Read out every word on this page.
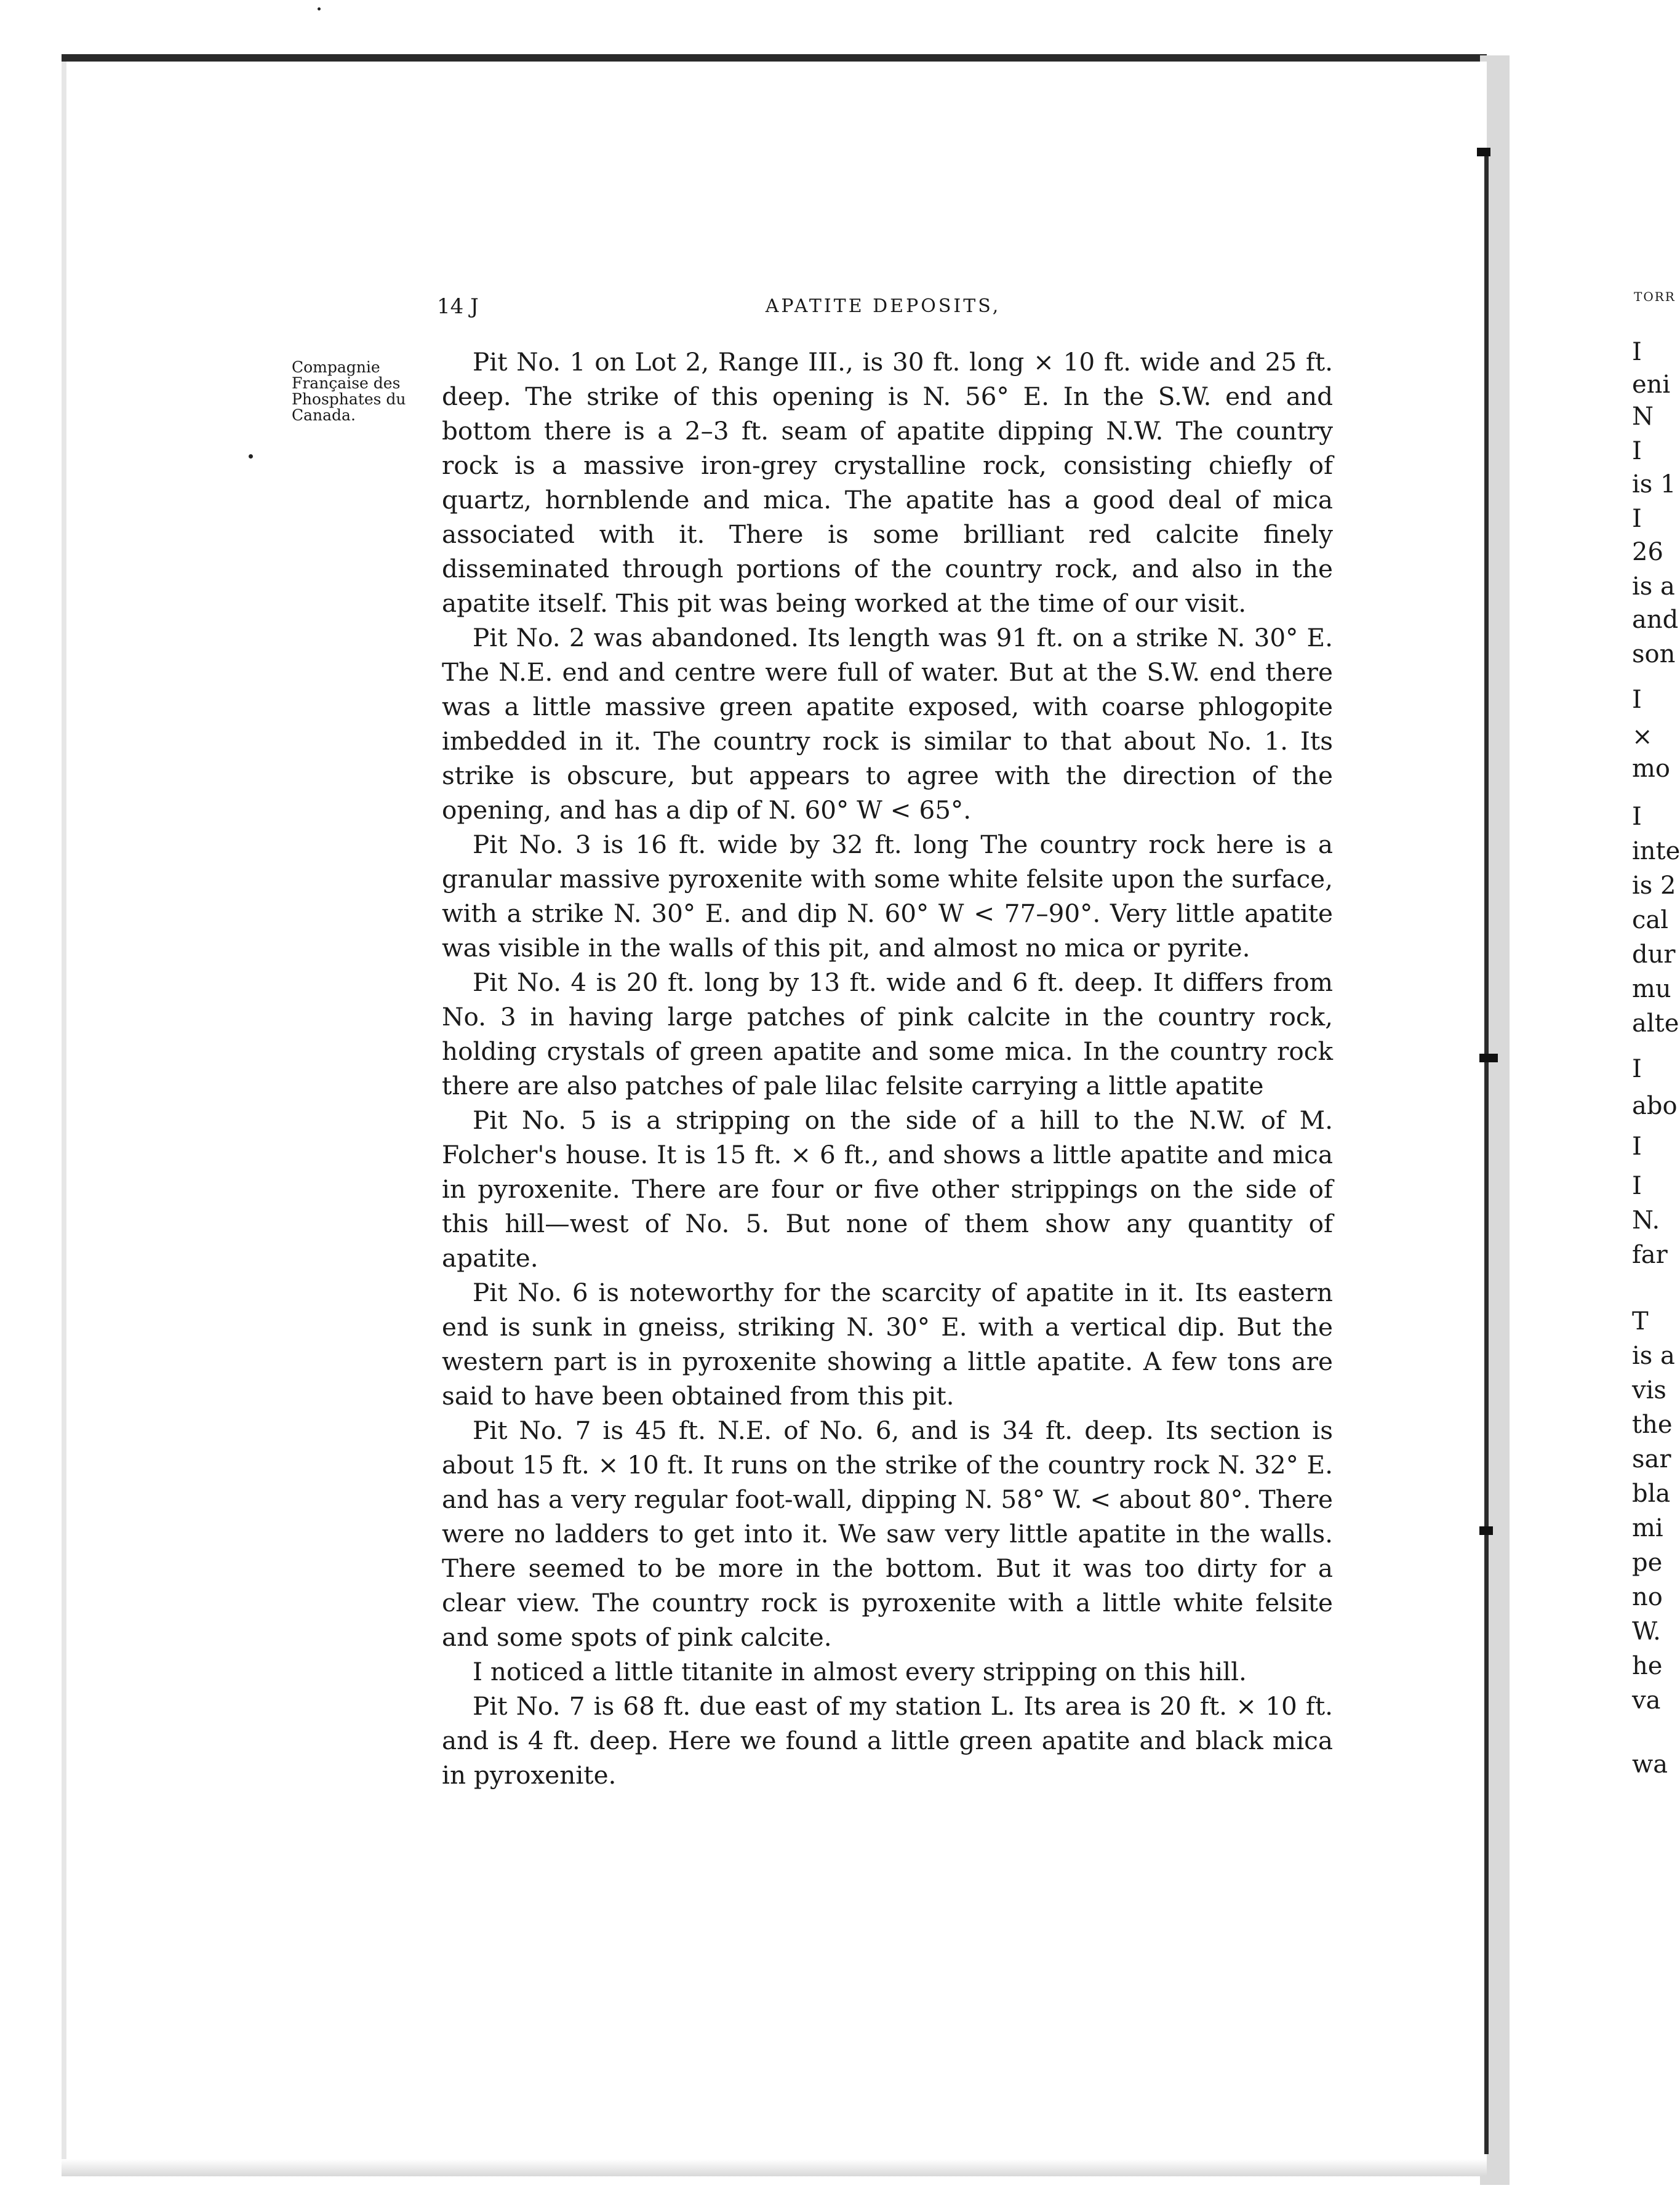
TORR
I
eni
N
I
is 1
I
26
is a
and
son
I
×
mo
I
inte
is 2
cal
dur
mu
alte
I
abo
I
I
N.
far
T
is a
vis
the
sar
bla
mi
pe
no
W.
he
va
wa
14 J	APATITE DEPOSITS,
Compagnie
Française des
Phosphates du
Canada.

Pit No. 1 on Lot 2, Range III., is 30 ft. long × 10 ft. wide and 25 ft. deep. The strike of this opening is N. 56° E. In the S.W. end and bottom there is a 2–3 ft. seam of apatite dipping N.W. The country rock is a massive iron-grey crystalline rock, consisting chiefly of quartz, hornblende and mica. The apatite has a good deal of mica associated with it. There is some brilliant red calcite finely disseminated through portions of the country rock, and also in the apatite itself. This pit was being worked at the time of our visit.

Pit No. 2 was abandoned. Its length was 91 ft. on a strike N. 30° E. The N.E. end and centre were full of water. But at the S.W. end there was a little massive green apatite exposed, with coarse phlogopite imbedded in it. The country rock is similar to that about No. 1. Its strike is obscure, but appears to agree with the direction of the opening, and has a dip of N. 60° W < 65°.

Pit No. 3 is 16 ft. wide by 32 ft. long The country rock here is a granular massive pyroxenite with some white felsite upon the surface, with a strike N. 30° E. and dip N. 60° W < 77–90°. Very little apatite was visible in the walls of this pit, and almost no mica or pyrite.

Pit No. 4 is 20 ft. long by 13 ft. wide and 6 ft. deep. It differs from No. 3 in having large patches of pink calcite in the country rock, holding crystals of green apatite and some mica. In the country rock there are also patches of pale lilac felsite carrying a little apatite

Pit No. 5 is a stripping on the side of a hill to the N.W. of M. Folcher's house. It is 15 ft. × 6 ft., and shows a little apatite and mica in pyroxenite. There are four or five other strippings on the side of this hill—west of No. 5. But none of them show any quantity of apatite.

Pit No. 6 is noteworthy for the scarcity of apatite in it. Its eastern end is sunk in gneiss, striking N. 30° E. with a vertical dip. But the western part is in pyroxenite showing a little apatite. A few tons are said to have been obtained from this pit.

Pit No. 7 is 45 ft. N.E. of No. 6, and is 34 ft. deep. Its section is about 15 ft. × 10 ft. It runs on the strike of the country rock N. 32° E. and has a very regular foot-wall, dipping N. 58° W. < about 80°. There were no ladders to get into it. We saw very little apatite in the walls. There seemed to be more in the bottom. But it was too dirty for a clear view. The country rock is pyroxenite with a little white felsite and some spots of pink calcite.

I noticed a little titanite in almost every stripping on this hill.

Pit No. 7 is 68 ft. due east of my station L. Its area is 20 ft. × 10 ft. and is 4 ft. deep. Here we found a little green apatite and black mica in pyroxenite.
